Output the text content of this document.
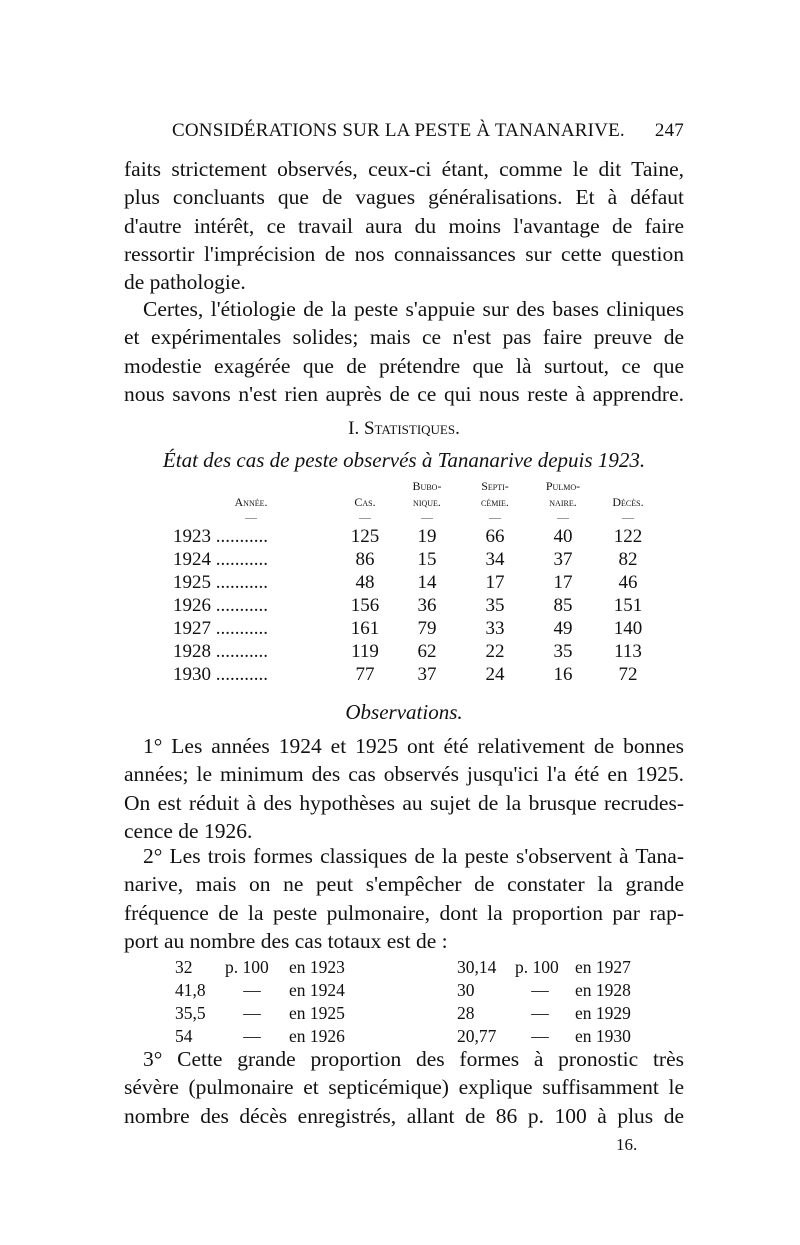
CONSIDÉRATIONS SUR LA PESTE À TANANARIVE. 247
faits strictement observés, ceux-ci étant, comme le dit Taine,
plus concluants que de vagues généralisations. Et à défaut
d'autre intérêt, ce travail aura du moins l'avantage de faire
ressortir l'imprécision de nos connaissances sur cette question
de pathologie.
Certes, l'étiologie de la peste s'appuie sur des bases cliniques
et expérimentales solides; mais ce n'est pas faire preuve de
modestie exagérée que de prétendre que là surtout, ce que
nous savons n'est rien auprès de ce qui nous reste à apprendre.
I. Statistiques.
État des cas de peste observés à Tananarive depuis 1923.
		Bubo-	Septi-	Pulmo-	
Année.	Cas.	nique.	cémie.	naire.	Décès.
—	—	—	—	—	—
1923 ...........	125	19	66	40	122
1924 ...........	86	15	34	37	82
1925 ...........	48	14	17	17	46
1926 ...........	156	36	35	85	151
1927 ...........	161	79	33	49	140
1928 ...........	119	62	22	35	113
1930 ...........	77	37	24	16	72
Observations.
1° Les années 1924 et 1925 ont été relativement de bonnes
années; le minimum des cas observés jusqu'ici l'a été en 1925.
On est réduit à des hypothèses au sujet de la brusque recrudes-
cence de 1926.
2° Les trois formes classiques de la peste s'observent à Tana-
narive, mais on ne peut s'empêcher de constater la grande
fréquence de la peste pulmonaire, dont la proportion par rap-
port au nombre des cas totaux est de :
32	p. 100	en 1923	30,14	p. 100	en 1927
41,8	—	en 1924	30	—	en 1928
35,5	—	en 1925	28	—	en 1929
54	—	en 1926	20,77	—	en 1930
3° Cette grande proportion des formes à pronostic très
sévère (pulmonaire et septicémique) explique suffisamment le
nombre des décès enregistrés, allant de 86 p. 100 à plus de
16.
